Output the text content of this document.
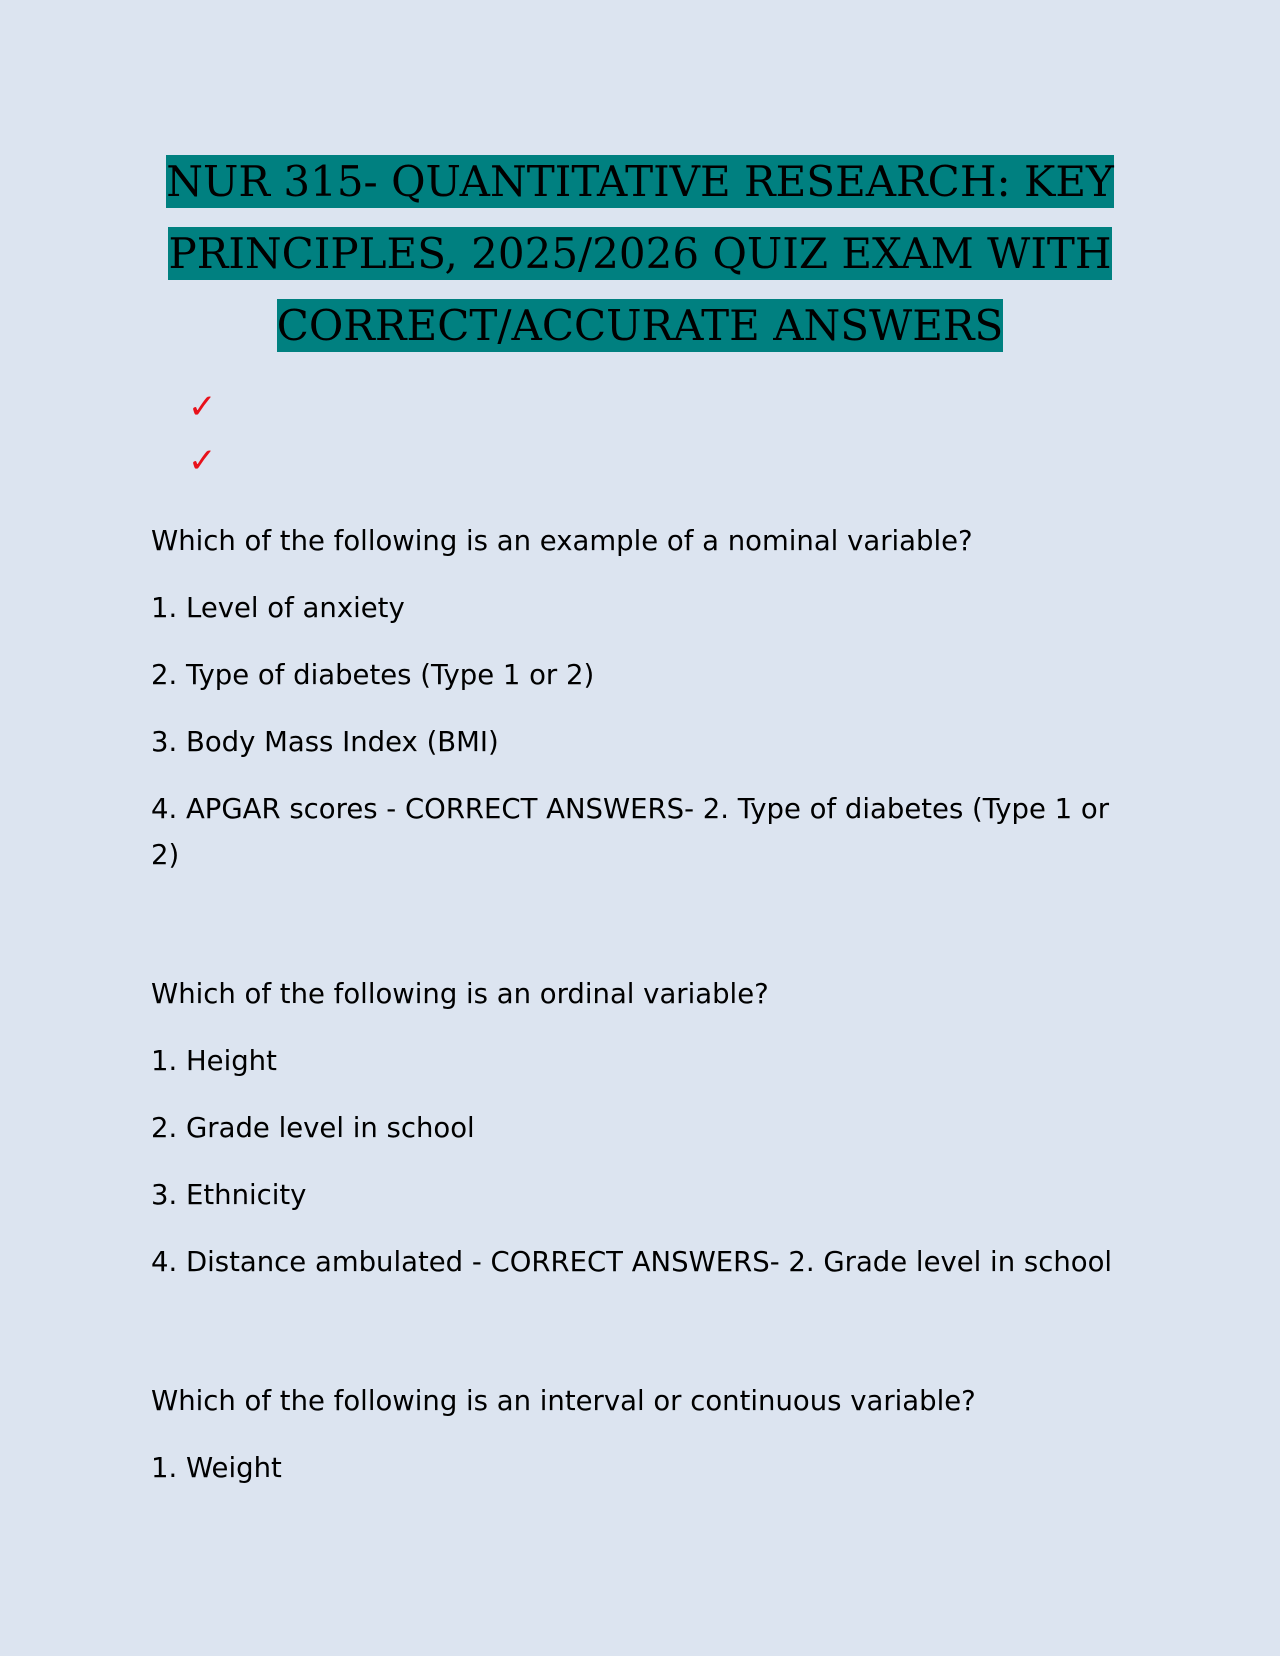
NUR 315- QUANTITATIVE RESEARCH: KEY
PRINCIPLES, 2025/2026 QUIZ EXAM WITH
CORRECT/ACCURATE ANSWERS
✓
✓

Which of the following is an example of a nominal variable?

1. Level of anxiety

2. Type of diabetes (Type 1 or 2)

3. Body Mass Index (BMI)

4. APGAR scores - CORRECT ANSWERS- 2. Type of diabetes (Type 1 or 2)

Which of the following is an ordinal variable?

1. Height

2. Grade level in school

3. Ethnicity

4. Distance ambulated - CORRECT ANSWERS- 2. Grade level in school

Which of the following is an interval or continuous variable?

1. Weight
